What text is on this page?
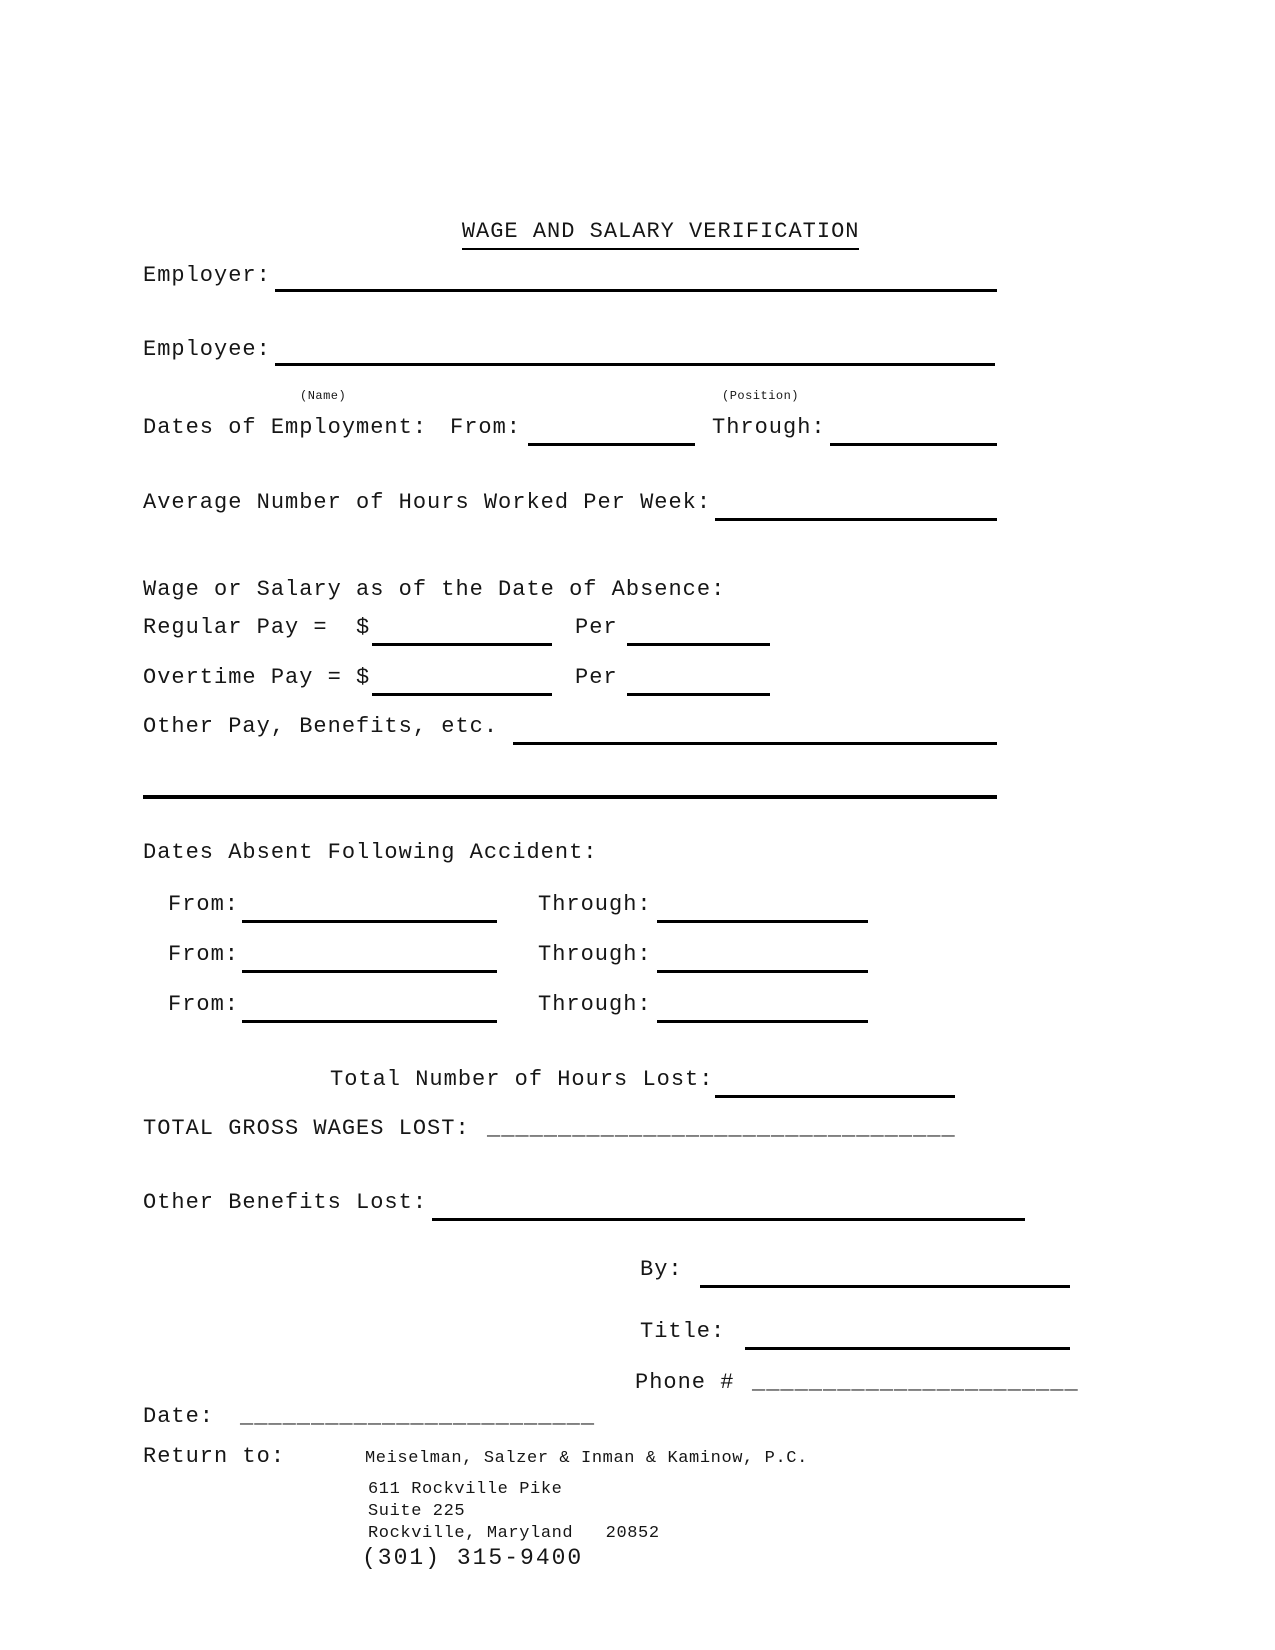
WAGE AND SALARY VERIFICATION

Employer:
Employee:
(Name)	(Position)
Dates of Employment: From:	Through:
Average Number of Hours Worked Per Week:
Wage or Salary as of the Date of Absence:
Regular Pay =  $	Per
Overtime Pay = $	Per
Other Pay, Benefits, etc.
Dates Absent Following Accident:
From:	Through:
From:	Through:
From:	Through:
Total Number of Hours Lost:
TOTAL GROSS WAGES LOST: _________________________________
Other Benefits Lost:
By:
Title:
Phone # _______________________
Date: _________________________
Return to:	Meiselman, Salzer & Inman & Kaminow, P.C.
611 Rockville Pike
Suite 225
Rockville, Maryland   20852
(301) 315-9400
